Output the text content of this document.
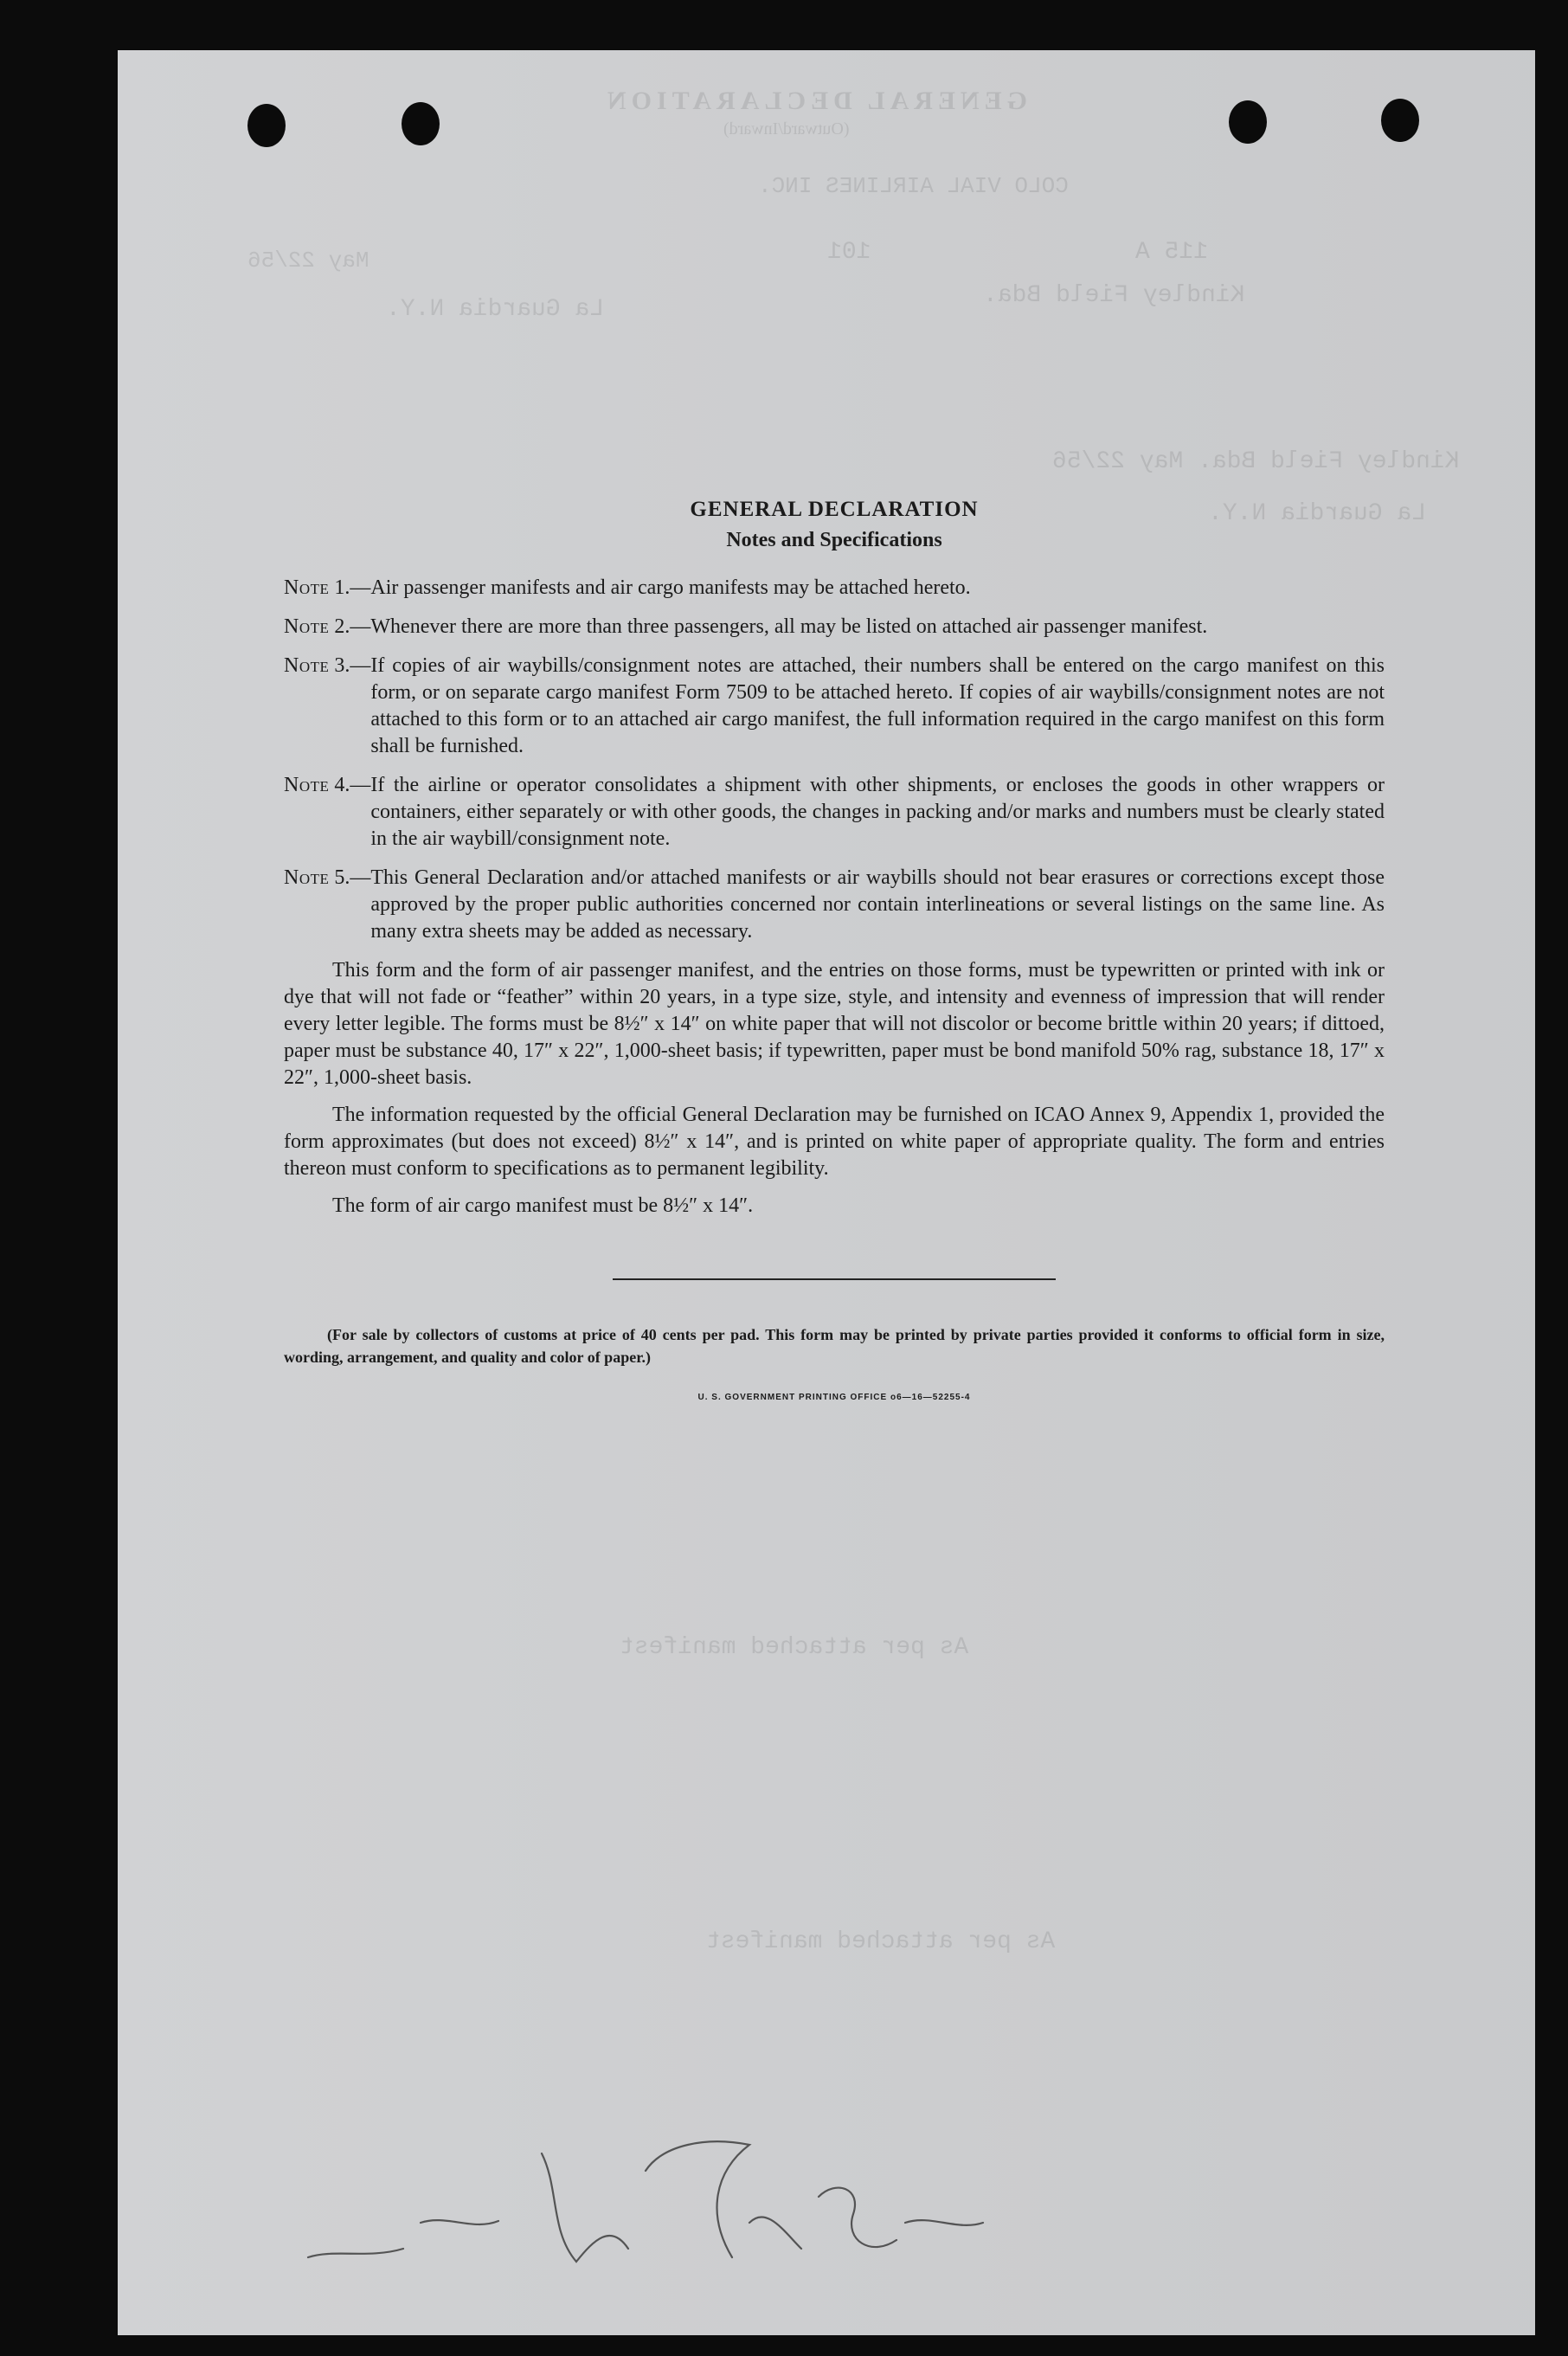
GENERAL DECLARATION
(Outward/Inward)
COLO VIAL AIRLINES INC.
115 A
101
May 22/56
Kindley Field Bda.
La Guardia N.Y.
Kindley Field Bda. May 22/56
La Guardia N.Y.
As per attached manifest
As per attached manifest
GENERAL DECLARATION
Notes and Specifications
Note 1.— Air passenger manifests and air cargo manifests may be attached hereto.
Note 2.— Whenever there are more than three passengers, all may be listed on attached air passenger manifest.
Note 3.— If copies of air waybills/consignment notes are attached, their numbers shall be entered on the cargo manifest on this form, or on separate cargo manifest Form 7509 to be attached hereto. If copies of air waybills/consignment notes are not attached to this form or to an attached air cargo manifest, the full information required in the cargo manifest on this form shall be furnished.
Note 4.— If the airline or operator consolidates a shipment with other shipments, or encloses the goods in other wrappers or containers, either separately or with other goods, the changes in packing and/or marks and numbers must be clearly stated in the air waybill/consignment note.
Note 5.— This General Declaration and/or attached manifests or air waybills should not bear erasures or corrections except those approved by the proper public authorities concerned nor contain interlineations or several listings on the same line. As many extra sheets may be added as necessary.

This form and the form of air passenger manifest, and the entries on those forms, must be typewritten or printed with ink or dye that will not fade or “feather” within 20 years, in a type size, style, and intensity and evenness of impression that will render every letter legible. The forms must be 8½″ x 14″ on white paper that will not discolor or become brittle within 20 years; if dittoed, paper must be substance 40, 17″ x 22″, 1,000-sheet basis; if typewritten, paper must be bond manifold 50% rag, substance 18, 17″ x 22″, 1,000-sheet basis.

The information requested by the official General Declaration may be furnished on ICAO Annex 9, Appendix 1, provided the form approximates (but does not exceed) 8½″ x 14″, and is printed on white paper of appropriate quality. The form and entries thereon must conform to specifications as to permanent legibility.

The form of air cargo manifest must be 8½″ x 14″.

(For sale by collectors of customs at price of 40 cents per pad. This form may be printed by private parties provided it conforms to official form in size, wording, arrangement, and quality and color of paper.)
U. S. GOVERNMENT PRINTING OFFICE o6—16—52255-4
